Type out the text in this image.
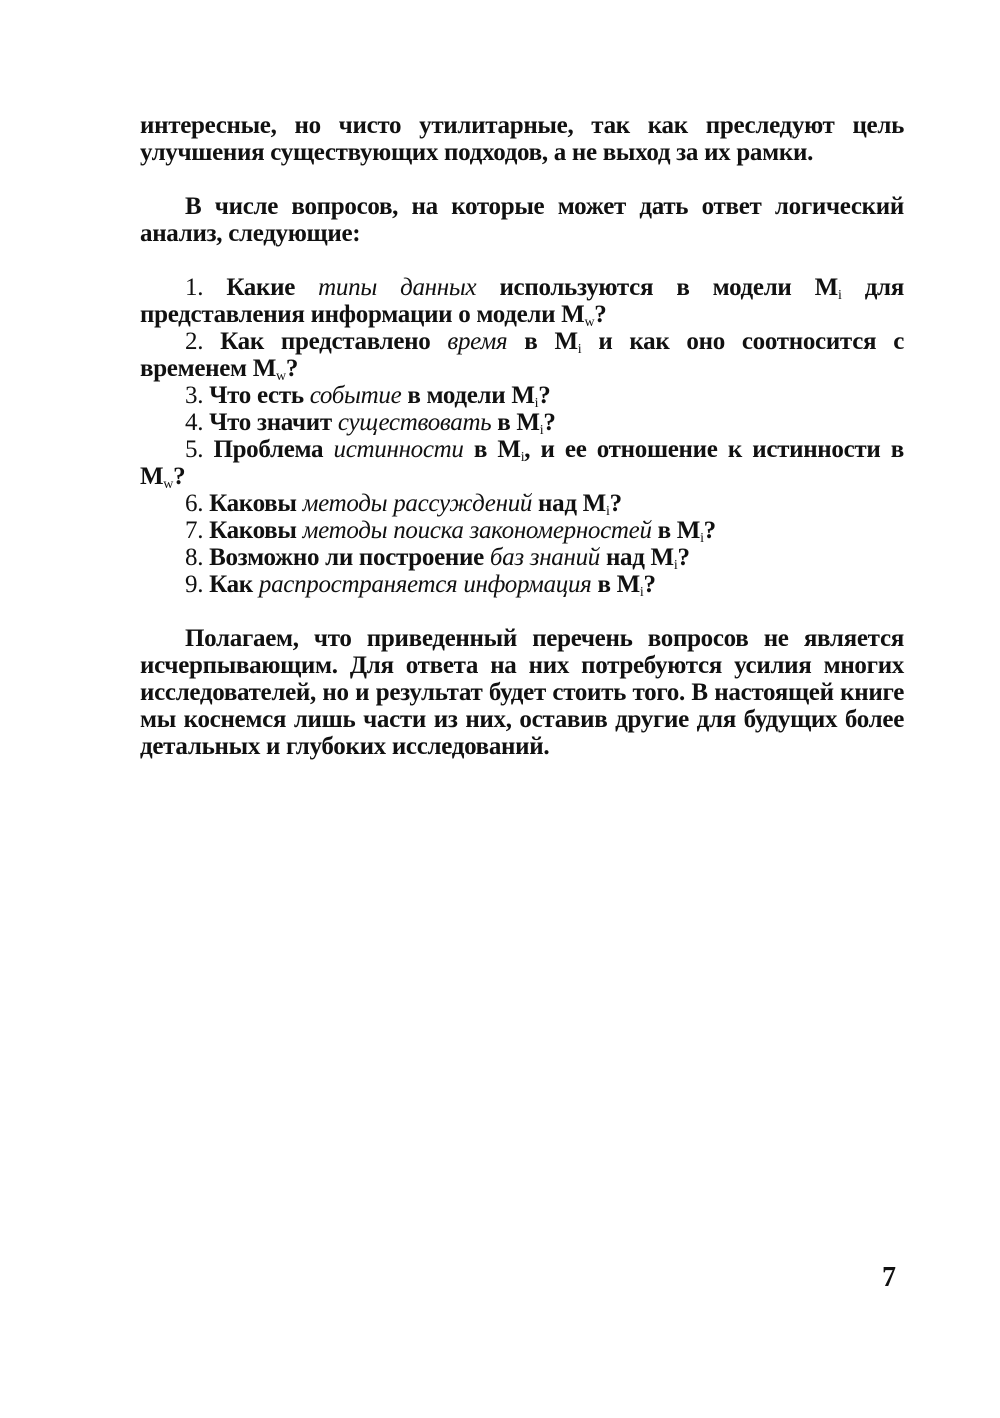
интересные, но чисто утилитарные, так как преследуют цель улучшения существующих подходов, а не выход за их рамки.

В числе вопросов, на которые может дать ответ логический анализ, следующие:

1. Какие типы данных используются в модели $M_i$ для представления информации о модели $M_w$?

2. Как представлено время в $M_i$ и как оно соотносится с временем $M_w$?

3. Что есть событие в модели $M_i$?

4. Что значит существовать в $M_i$?

5. Проблема истинности в $M_i$, и ее отношение к истинности в $M_w$?

6. Каковы методы рассуждений над $M_i$?

7. Каковы методы поиска закономерностей в $M_i$?

8. Возможно ли построение баз знаний над $M_i$?

9. Как распространяется информация в $M_i$?

Полагаем, что приведенный перечень вопросов не является исчерпывающим. Для ответа на них потребуются усилия многих исследователей, но и результат будет стоить того. В настоящей книге мы коснемся лишь части из них, оставив другие для будущих более детальных и глубоких исследований.

7
